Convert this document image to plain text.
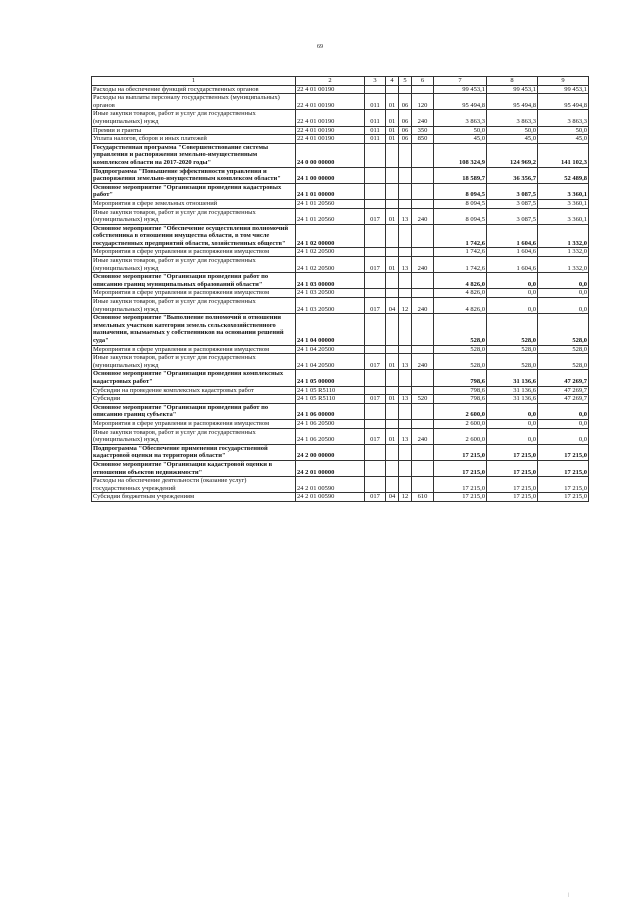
69
1	2	3	4	5	6	7	8	9
Расходы на обеспечение функций государственных органов	22 4 01 00190					99 453,1	99 453,1	99 453,1
Расходы на выплаты персоналу государственных (муниципальных) органов	22 4 01 00190	011	01	06	120	95 494,8	95 494,8	95 494,8
Иные закупки товаров, работ и услуг для государственных (муниципальных) нужд	22 4 01 00190	011	01	06	240	3 863,3	3 863,3	3 863,3
Премии и гранты	22 4 01 00190	011	01	06	350	50,0	50,0	50,0
Уплата налогов, сборов и иных платежей	22 4 01 00190	011	01	06	850	45,0	45,0	45,0
Государственная программа "Совершенствование системы управления и распоряжения земельно-имущественным комплексом области на 2017-2020 годы"	24 0 00 00000					108 324,9	124 969,2	141 102,3
Подпрограмма "Повышение эффективности управления и распоряжения земельно-имущественным комплексом области"	24 1 00 00000					18 589,7	36 356,7	52 489,8
Основное мероприятие "Организация проведения кадастровых работ"	24 1 01 00000					8 094,5	3 087,5	3 360,1
Мероприятия в сфере земельных отношений	24 1 01 20560					8 094,5	3 087,5	3 360,1
Иные закупки товаров, работ и услуг для государственных (муниципальных) нужд	24 1 01 20560	017	01	13	240	8 094,5	3 087,5	3 360,1
Основное мероприятие "Обеспечение осуществления полномочий собственника в отношении имущества области, в том числе государственных предприятий области, хозяйственных обществ"	24 1 02 00000					1 742,6	1 604,6	1 332,0
Мероприятия в сфере управления и распоряжения имуществом	24 1 02 20500					1 742,6	1 604,6	1 332,0
Иные закупки товаров, работ и услуг для государственных (муниципальных) нужд	24 1 02 20500	017	01	13	240	1 742,6	1 604,6	1 332,0
Основное мероприятие "Организация проведения работ по описанию границ муниципальных образований области"	24 1 03 00000					4 826,0	0,0	0,0
Мероприятия в сфере управления и распоряжения имуществом	24 1 03 20500					4 826,0	0,0	0,0
Иные закупки товаров, работ и услуг для государственных (муниципальных) нужд	24 1 03 20500	017	04	12	240	4 826,0	0,0	0,0
Основное мероприятие "Выполнение полномочий в отношении земельных участков категории земель сельскохозяйственного назначения, изымаемых у собственников на основании решений суда"	24 1 04 00000					528,0	528,0	528,0
Мероприятия в сфере управления и распоряжения имуществом	24 1 04 20500					528,0	528,0	528,0
Иные закупки товаров, работ и услуг для государственных (муниципальных) нужд	24 1 04 20500	017	01	13	240	528,0	528,0	528,0
Основное мероприятие "Организация проведения комплексных кадастровых работ"	24 1 05 00000					798,6	31 136,6	47 269,7
Субсидии на проведение комплексных кадастровых работ	24 1 05 R5110					798,6	31 136,6	47 269,7
Субсидии	24 1 05 R5110	017	01	13	520	798,6	31 136,6	47 269,7
Основное мероприятие "Организация проведения работ по описанию границ субъекта"	24 1 06 00000					2 600,0	0,0	0,0
Мероприятия в сфере управления и распоряжения имуществом	24 1 06 20500					2 600,0	0,0	0,0
Иные закупки товаров, работ и услуг для государственных (муниципальных) нужд	24 1 06 20500	017	01	13	240	2 600,0	0,0	0,0
Подпрограмма "Обеспечение применения государственной кадастровой оценки на территории области"	24 2 00 00000					17 215,0	17 215,0	17 215,0
Основное мероприятие "Организация кадастровой оценки в отношении объектов недвижимости"	24 2 01 00000					17 215,0	17 215,0	17 215,0
Расходы на обеспечение деятельности (оказание услуг) государственных учреждений	24 2 01 00590					17 215,0	17 215,0	17 215,0
Субсидии бюджетным учреждениям	24 2 01 00590	017	04	12	610	17 215,0	17 215,0	17 215,0
|
